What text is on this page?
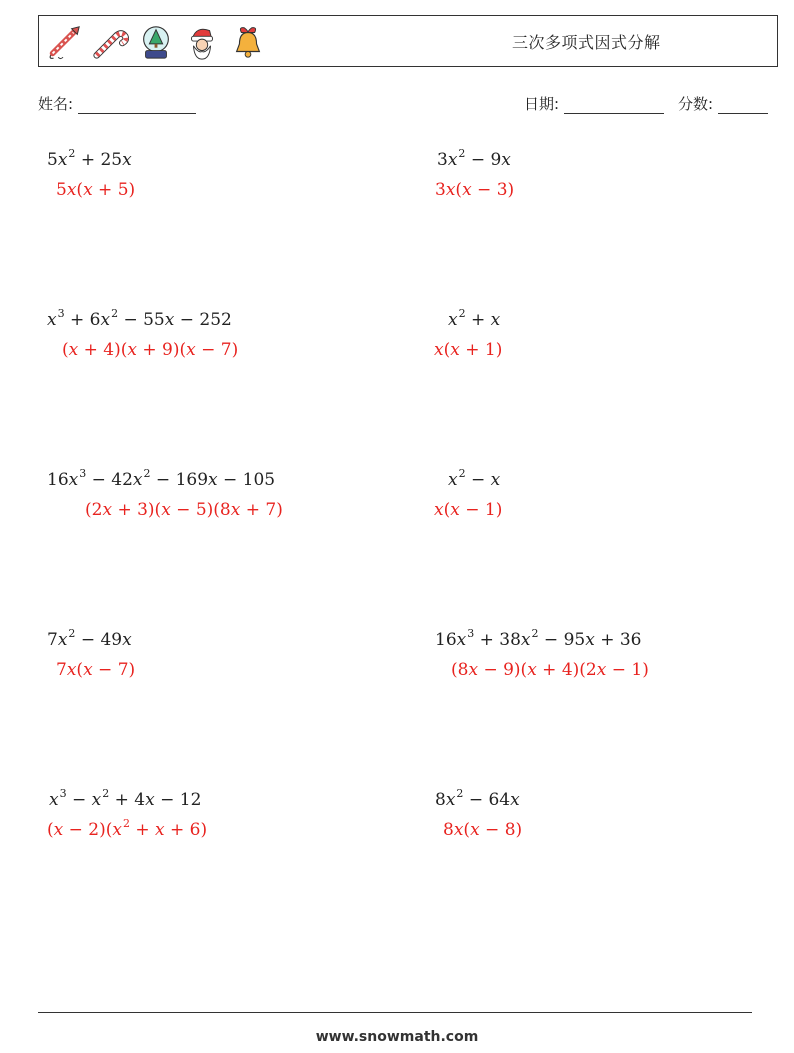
三次多项式因式分解
姓名:	日期:	分数:
$5x^2 + 25x$
5x(x + 5)
$3x^2 - 9x$
3x(x − 3)
$x^3 + 6x^2 - 55x - 252$
(x + 4)(x + 9)(x − 7)
$x^2 + x$
x(x + 1)
$16x^3 - 42x^2 - 169x - 105$
(2x + 3)(x − 5)(8x + 7)
$x^2 - x$
x(x − 1)
$7x^2 - 49x$
7x(x − 7)
$16x^3 + 38x^2 - 95x + 36$
(8x − 9)(x + 4)(2x − 1)
$x^3 - x^2 + 4x - 12$
$(x - 2)(x^2 + x + 6)$
$8x^2 - 64x$
8x(x − 8)
www.snowmath.com
